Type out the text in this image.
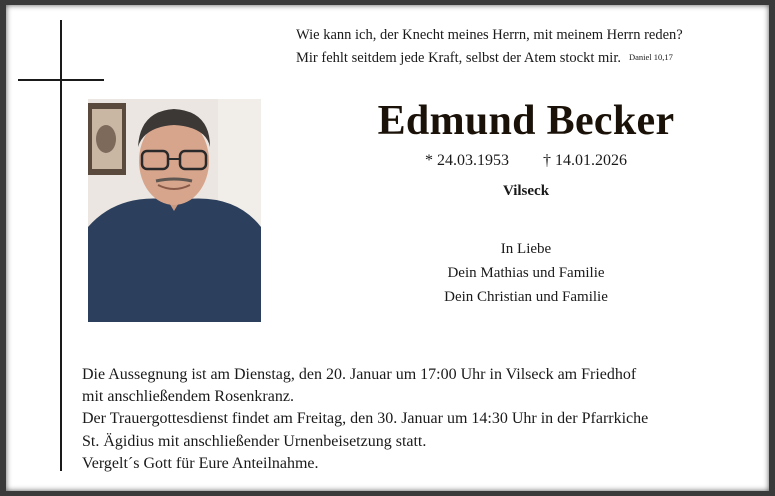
Wie kann ich, der Knecht meines Herrn, mit meinem Herrn reden?
Mir fehlt seitdem jede Kraft, selbst der Atem stockt mir. Daniel 10,17
Edmund Becker
* 24.03.1953 † 14.01.2026
Vilseck
In Liebe
Dein Mathias und Familie
Dein Christian und Familie
Die Aussegnung ist am Dienstag, den 20. Januar um 17:00 Uhr in Vilseck am Friedhof
mit anschließendem Rosenkranz.
Der Trauergottesdienst findet am Freitag, den 30. Januar um 14:30 Uhr in der Pfarrkiche
St. Ägidius mit anschließender Urnenbeisetzung statt.
Vergelt´s Gott für Eure Anteilnahme.
